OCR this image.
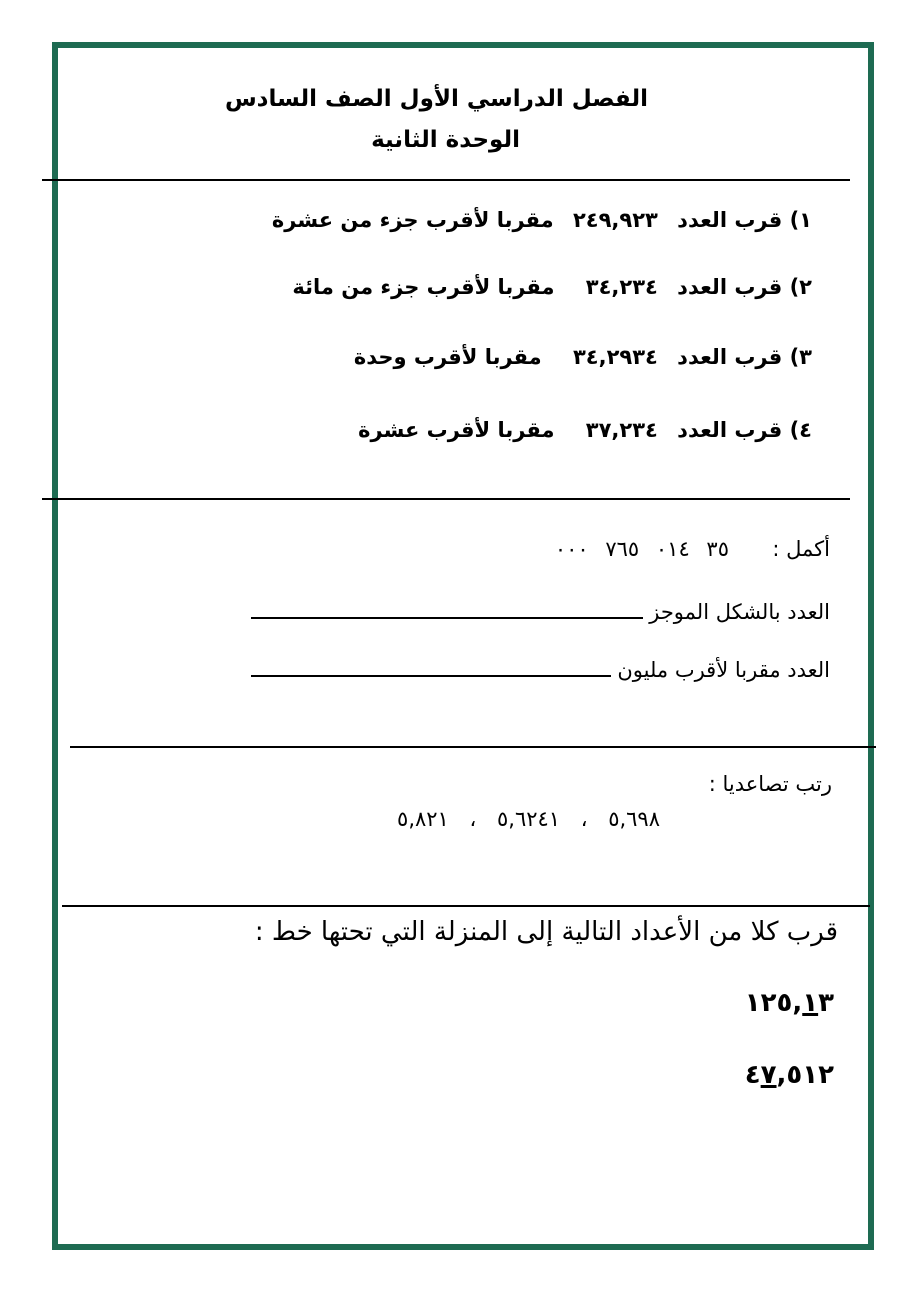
الفصل الدراسي الأول الصف السادس
الوحدة الثانية
١) قرب العدد ٢٤٩,٩٢٣ مقربا لأقرب جزء من عشرة
٢) قرب العدد ٣٤,٢٣٤ مقربا لأقرب جزء من مائة
٣) قرب العدد ٣٤,٢٩٣٤ مقربا لأقرب وحدة
٤) قرب العدد ٣٧,٢٣٤ مقربا لأقرب عشرة
أكمل :  ٣٥ ٠١٤ ٧٦٥ ٠٠٠
العدد بالشكل الموجز
العدد مقربا لأقرب مليون
رتب تصاعديا :
٥,٦٩٨ ، ٥,٦٢٤١ ، ٥,٨٢١
قرب كلا من الأعداد التالية إلى المنزلة التي تحتها خط :
١٢٥,١٣
٤٧,٥١٢
